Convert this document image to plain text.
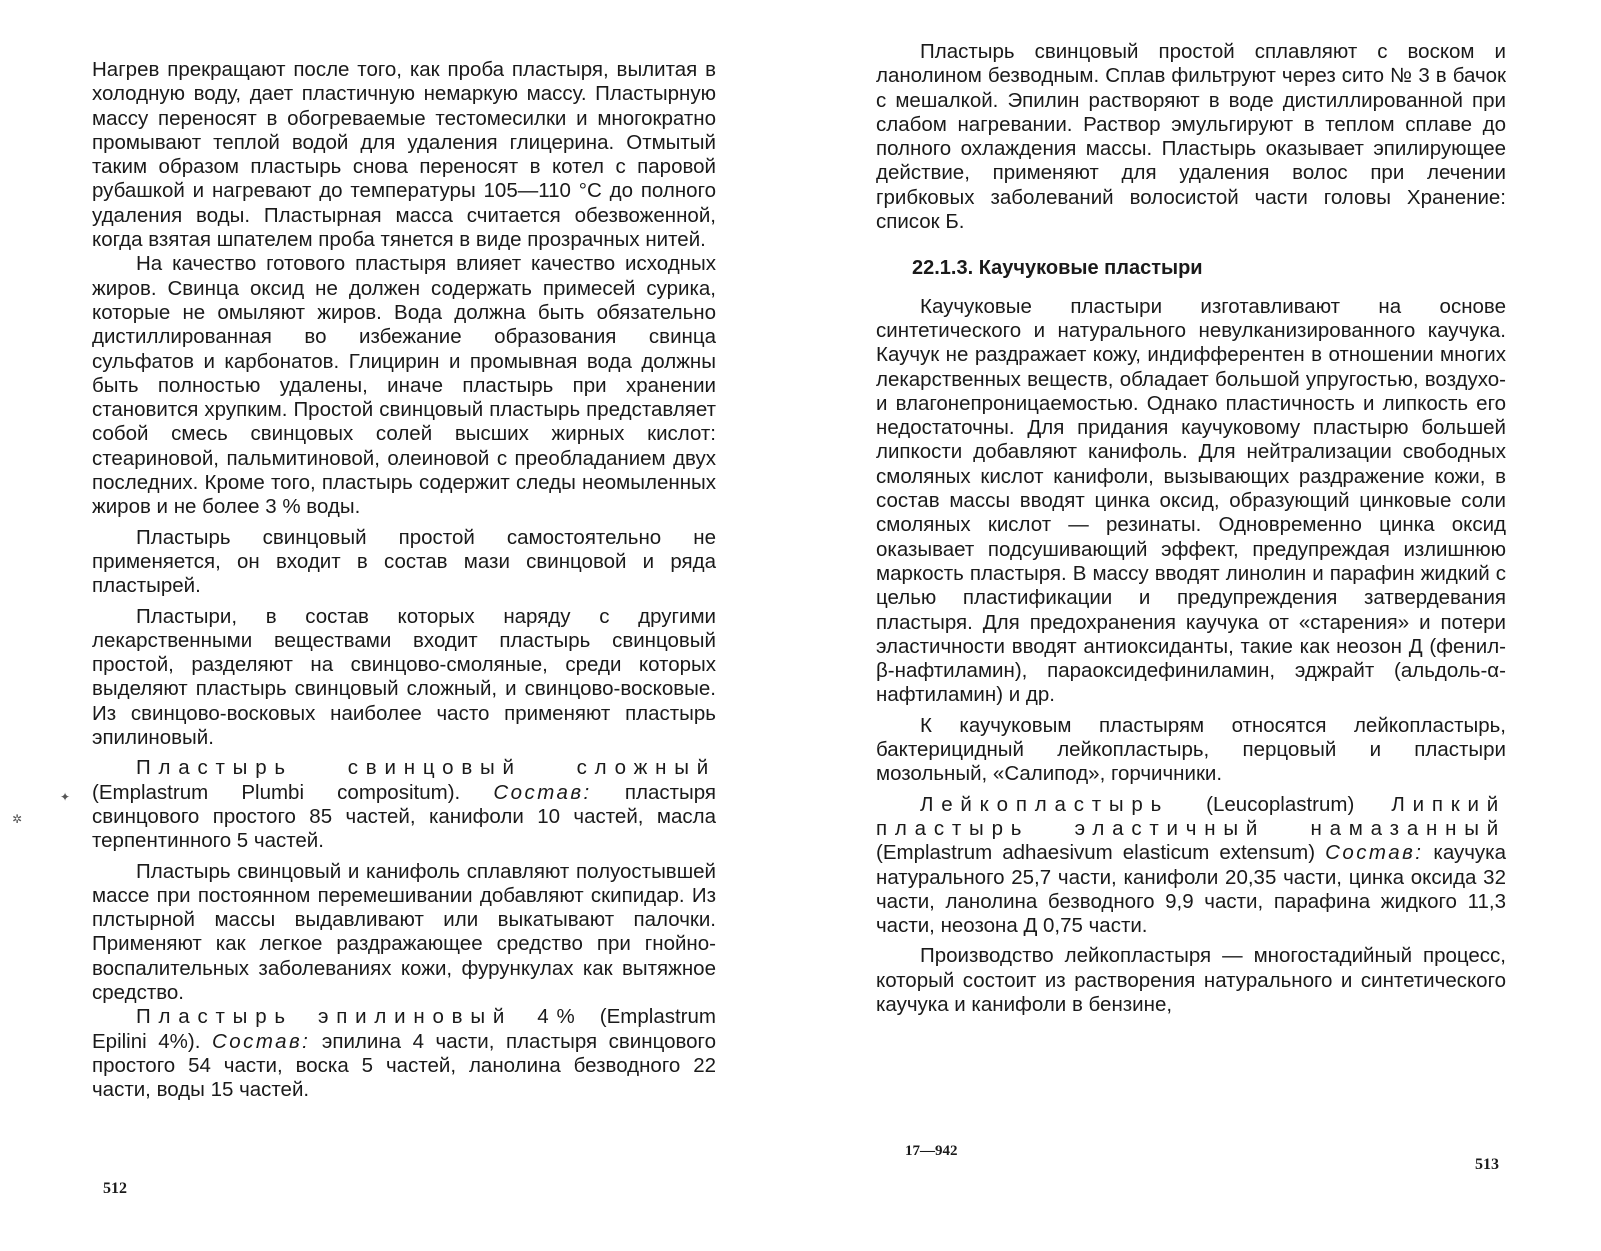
Нагрев прекращают после того, как проба пластыря, вылитая в холодную воду, дает пластичную немаркую массу. Пластырную массу переносят в обогреваемые тестомесилки и многократно промывают теплой водой для удаления глицерина. Отмытый таким образом пластырь снова переносят в котел с паровой рубашкой и нагревают до температуры 105—110 °С до полного удаления воды. Пластырная масса считается обезвоженной, когда взятая шпателем проба тянется в виде прозрачных нитей.

На качество готового пластыря влияет качество исходных жиров. Свинца оксид не должен содержать примесей сурика, которые не омыляют жиров. Вода должна быть обязательно дистиллированная во избежание образования свинца сульфатов и карбонатов. Глицирин и промывная вода должны быть полностью удалены, иначе пластырь при хранении становится хрупким. Простой свинцовый пластырь представляет собой смесь свинцовых солей высших жирных кислот: стеариновой, пальмитиновой, олеиновой с преобладанием двух последних. Кроме того, пластырь содержит следы неомыленных жиров и не более 3 % воды.

Пластырь свинцовый простой самостоятельно не применяется, он входит в состав мази свинцовой и ряда пластырей.

Пластыри, в состав которых наряду с другими лекарственными веществами входит пластырь свинцовый простой, разделяют на свинцово-смоляные, среди которых выделяют пластырь свинцовый сложный, и свинцово-восковые. Из свинцово-восковых наиболее часто применяют пластырь эпилиновый.

Пластырь свинцовый сложный (Emplastrum Plumbi compositum). Состав: пластыря свинцового простого 85 частей, канифоли 10 частей, масла терпентинного 5 частей.

Пластырь свинцовый и канифоль сплавляют полуостывшей массе при постоянном перемешивании добавляют скипидар. Из плстырной массы выдавливают или выкатывают палочки. Применяют как легкое раздражающее средство при гнойно-воспалительных заболеваниях кожи, фурункулах как вытяжное средство.

Пластырь эпилиновый 4% (Emplastrum Epilini 4%). Состав: эпилина 4 части, пластыря свинцового простого 54 части, воска 5 частей, ланолина безводного 22 части, воды 15 частей.

512
✲
✦

Пластырь свинцовый простой сплавляют с воском и ланолином безводным. Сплав фильтруют через сито № 3 в бачок с мешалкой. Эпилин растворяют в воде дистиллированной при слабом нагревании. Раствор эмульгируют в теплом сплаве до полного охлаждения массы. Пластырь оказывает эпилирующее действие, применяют для удаления волос при лечении грибковых заболеваний волосистой части головы Хранение: список Б.

22.1.3. Каучуковые пластыри

Каучуковые пластыри изготавливают на основе синтетического и натурального невулканизированного каучука. Каучук не раздражает кожу, индифферентен в отношении многих лекарственных веществ, обладает большой упругостью, воздухо- и влагонепроницаемостью. Однако пластичность и липкость его недостаточны. Для придания каучуковому пластырю большей липкости добавляют канифоль. Для нейтрализации свободных смоляных кислот канифоли, вызывающих раздражение кожи, в состав массы вводят цинка оксид, образующий цинковые соли смоляных кислот — резинаты. Одновременно цинка оксид оказывает подсушивающий эффект, предупреждая излишнюю маркость пластыря. В массу вводят линолин и парафин жидкий с целью пластификации и предупреждения затвердевания пластыря. Для предохранения каучука от «старения» и потери эластичности вводят антиоксиданты, такие как неозон Д (фенил-β-нафтиламин), параоксидефиниламин, эджрайт (альдоль-α-нафтиламин) и др.

К каучуковым пластырям относятся лейкопластырь, бактерицидный лейкопластырь, перцовый и пластыри мозольный, «Салипод», горчичники.

Лейкопластырь (Leucoplastrum) Липкий пластырь эластичный намазанный (Emplastrum adhaesivum elasticum extensum) Состав: каучука натурального 25,7 части, канифоли 20,35 части, цинка оксида 32 части, ланолина безводного 9,9 части, парафина жидкого 11,3 части, неозона Д 0,75 части.

Производство лейкопластыря — многостадийный процесс, который состоит из растворения натурального и синтетического каучука и канифоли в бензине,

17—942
513
